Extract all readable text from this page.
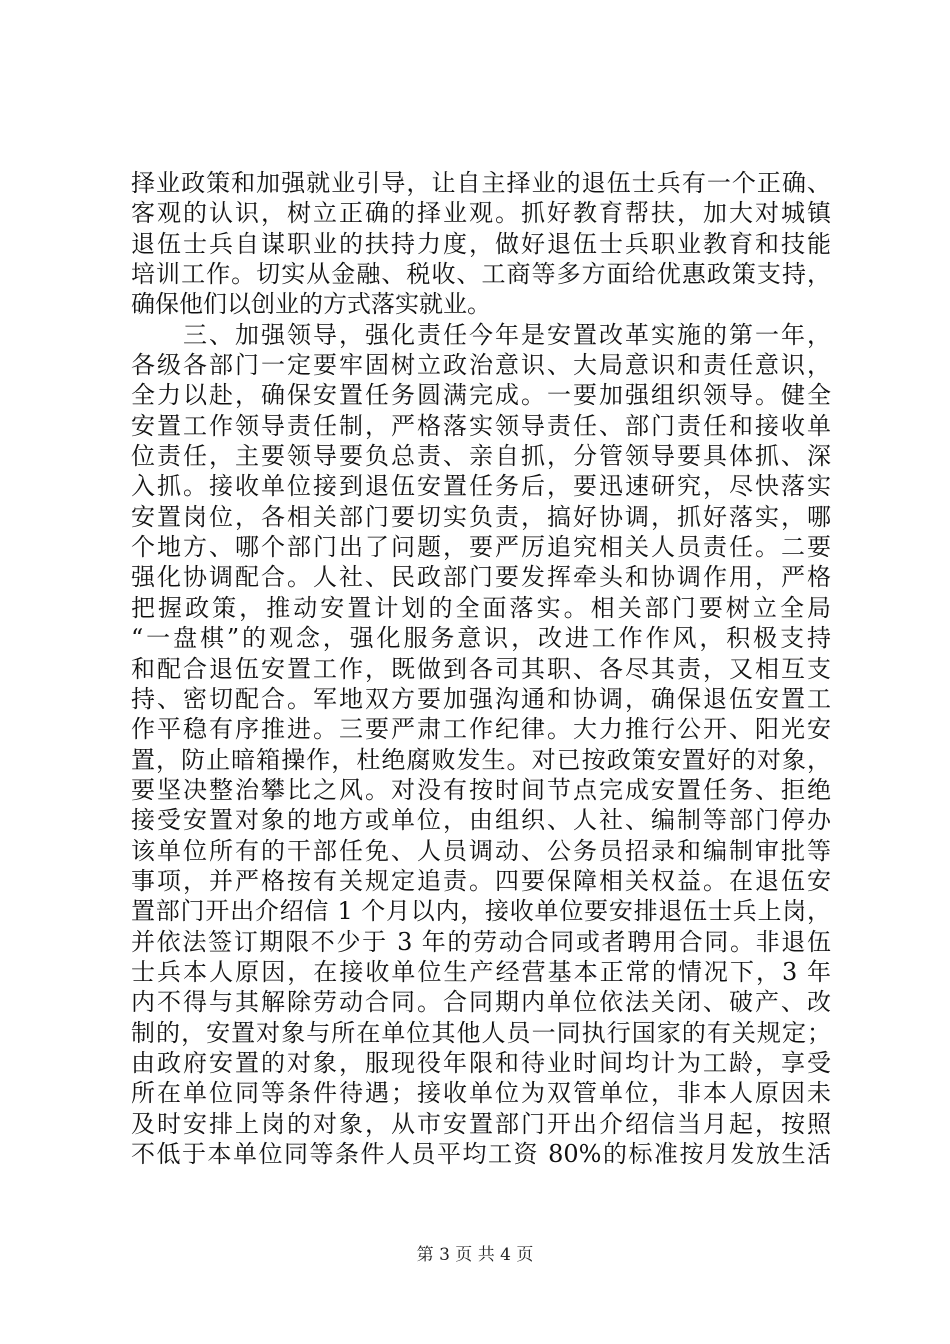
择业政策和加强就业引导，让自主择业的退伍士兵有一个正确、
客观的认识，树立正确的择业观。抓好教育帮扶，加大对城镇
退伍士兵自谋职业的扶持力度，做好退伍士兵职业教育和技能
培训工作。切实从金融、税收、工商等多方面给优惠政策支持，
确保他们以创业的方式落实就业。
　　三、加强领导，强化责任今年是安置改革实施的第一年，
各级各部门一定要牢固树立政治意识、大局意识和责任意识，
全力以赴，确保安置任务圆满完成。一要加强组织领导。健全
安置工作领导责任制，严格落实领导责任、部门责任和接收单
位责任，主要领导要负总责、亲自抓，分管领导要具体抓、深
入抓。接收单位接到退伍安置任务后，要迅速研究，尽快落实
安置岗位，各相关部门要切实负责，搞好协调，抓好落实，哪
个地方、哪个部门出了问题，要严厉追究相关人员责任。二要
强化协调配合。人社、民政部门要发挥牵头和协调作用，严格
把握政策，推动安置计划的全面落实。相关部门要树立全局
“一盘棋”的观念，强化服务意识，改进工作作风，积极支持
和配合退伍安置工作，既做到各司其职、各尽其责，又相互支
持、密切配合。军地双方要加强沟通和协调，确保退伍安置工
作平稳有序推进。三要严肃工作纪律。大力推行公开、阳光安
置，防止暗箱操作，杜绝腐败发生。对已按政策安置好的对象，
要坚决整治攀比之风。对没有按时间节点完成安置任务、拒绝
接受安置对象的地方或单位，由组织、人社、编制等部门停办
该单位所有的干部任免、人员调动、公务员招录和编制审批等
事项，并严格按有关规定追责。四要保障相关权益。在退伍安
置部门开出介绍信 1 个月以内，接收单位要安排退伍士兵上岗，
并依法签订期限不少于 3 年的劳动合同或者聘用合同。非退伍
士兵本人原因，在接收单位生产经营基本正常的情况下，3 年
内不得与其解除劳动合同。合同期内单位依法关闭、破产、改
制的，安置对象与所在单位其他人员一同执行国家的有关规定；
由政府安置的对象，服现役年限和待业时间均计为工龄，享受
所在单位同等条件待遇；接收单位为双管单位，非本人原因未
及时安排上岗的对象，从市安置部门开出介绍信当月起，按照
不低于本单位同等条件人员平均工资 80%的标准按月发放生活
第 3 页 共 4 页
